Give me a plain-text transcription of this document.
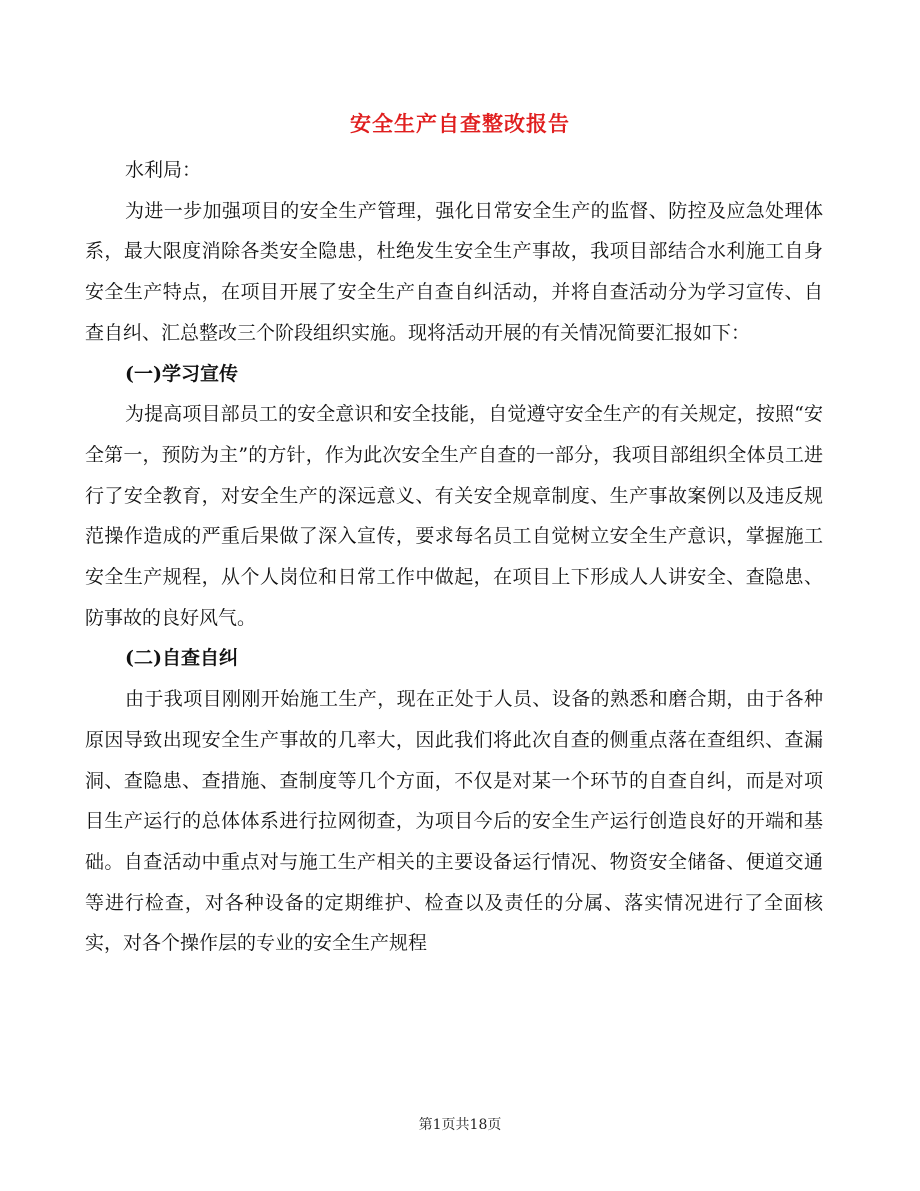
安全生产自查整改报告

水利局：

为进一步加强项目的安全生产管理，强化日常安全生产的监督、防控及应急处理体系，最大限度消除各类安全隐患，杜绝发生安全生产事故，我项目部结合水利施工自身安全生产特点，在项目开展了安全生产自查自纠活动，并将自查活动分为学习宣传、自查自纠、汇总整改三个阶段组织实施。现将活动开展的有关情况简要汇报如下：

(一)学习宣传

为提高项目部员工的安全意识和安全技能，自觉遵守安全生产的有关规定，按照“安全第一，预防为主”的方针，作为此次安全生产自查的一部分，我项目部组织全体员工进行了安全教育，对安全生产的深远意义、有关安全规章制度、生产事故案例以及违反规范操作造成的严重后果做了深入宣传，要求每名员工自觉树立安全生产意识，掌握施工安全生产规程，从个人岗位和日常工作中做起，在项目上下形成人人讲安全、查隐患、防事故的良好风气。

(二)自查自纠

由于我项目刚刚开始施工生产，现在正处于人员、设备的熟悉和磨合期，由于各种原因导致出现安全生产事故的几率大，因此我们将此次自查的侧重点落在查组织、查漏洞、查隐患、查措施、查制度等几个方面，不仅是对某一个环节的自查自纠，而是对项目生产运行的总体体系进行拉网彻查，为项目今后的安全生产运行创造良好的开端和基础。自查活动中重点对与施工生产相关的主要设备运行情况、物资安全储备、便道交通等进行检查，对各种设备的定期维护、检查以及责任的分属、落实情况进行了全面核实，对各个操作层的专业的安全生产规程

第1页共18页
